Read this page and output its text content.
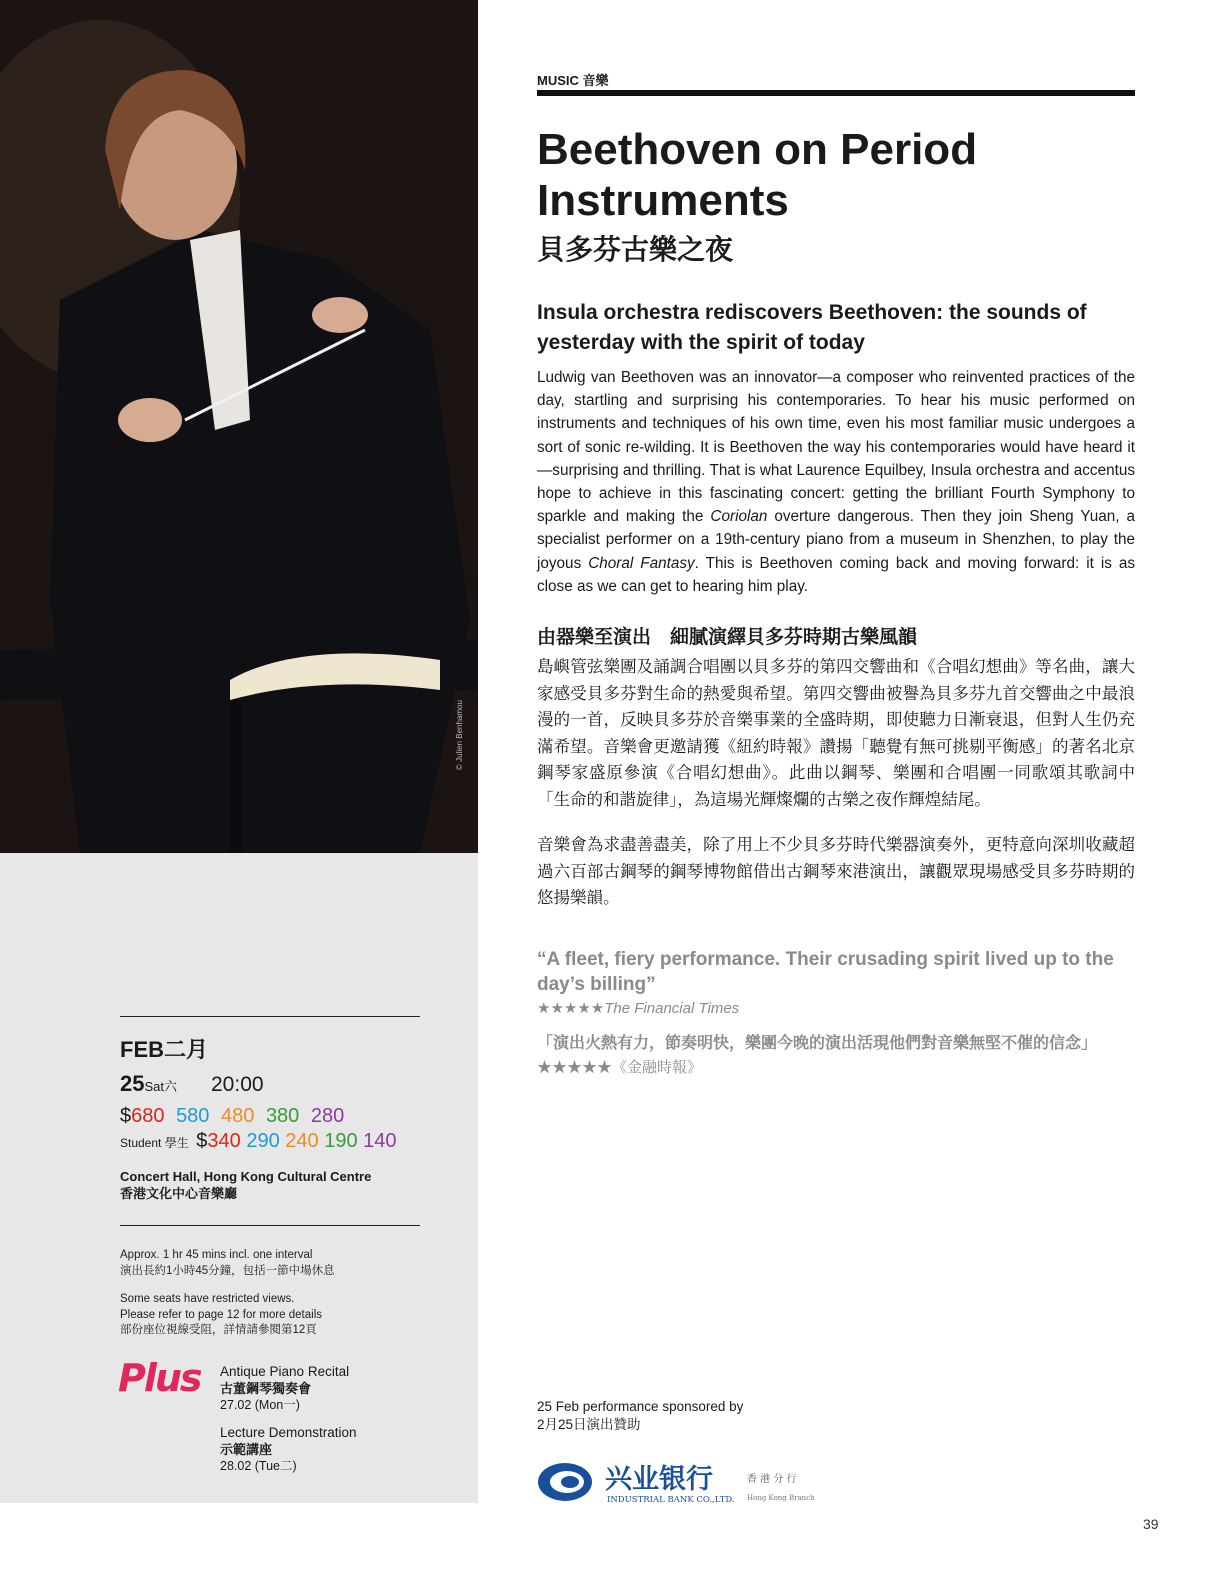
© Julien Benhamou
FEB二月
25Sat六 20:00
$680 580 480 380 280
Student 學生 $340 290 240 190 140
Concert Hall, Hong Kong Cultural Centre
香港文化中心音樂廳
Approx. 1 hr 45 mins incl. one interval
演出長約1小時45分鐘，包括一節中場休息
Some seats have restricted views.
Please refer to page 12 for more details
部份座位視線受阻，詳情請參閱第12頁
Plus Antique Piano Recital
古董鋼琴獨奏會
27.02 (Mon一)
Lecture Demonstration
示範講座
28.02 (Tue二)
MUSIC 音樂
Beethoven on Period
Instruments
貝多芬古樂之夜
Insula orchestra rediscovers Beethoven: the sounds of
yesterday with the spirit of today
Ludwig van Beethoven was an innovator—a composer who reinvented practices of the day, startling and surprising his contemporaries. To hear his music performed on instruments and techniques of his own time, even his most familiar music undergoes a sort of sonic re-wilding. It is Beethoven the way his contemporaries would have heard it—surprising and thrilling. That is what Laurence Equilbey, Insula orchestra and accentus hope to achieve in this fascinating concert: getting the brilliant Fourth Symphony to sparkle and making the Coriolan overture dangerous. Then they join Sheng Yuan, a specialist performer on a 19th-century piano from a museum in Shenzhen, to play the joyous Choral Fantasy. This is Beethoven coming back and moving forward: it is as close as we can get to hearing him play.
由器樂至演出　細膩演繹貝多芬時期古樂風韻
島嶼管弦樂團及誦調合唱團以貝多芬的第四交響曲和《合唱幻想曲》等名曲，讓大家感受貝多芬對生命的熱愛與希望。第四交響曲被譽為貝多芬九首交響曲之中最浪漫的一首，反映貝多芬於音樂事業的全盛時期，即使聽力日漸衰退，但對人生仍充滿希望。音樂會更邀請獲《紐約時報》讚揚「聽覺有無可挑剔平衡感」的著名北京鋼琴家盛原參演《合唱幻想曲》。此曲以鋼琴、樂團和合唱團一同歌頌其歌詞中「生命的和諧旋律」，為這場光輝燦爛的古樂之夜作輝煌結尾。
音樂會為求盡善盡美，除了用上不少貝多芬時代樂器演奏外，更特意向深圳收藏超過六百部古鋼琴的鋼琴博物館借出古鋼琴來港演出，讓觀眾現場感受貝多芬時期的悠揚樂韻。
“A fleet, fiery performance. Their crusading spirit lived up to the day’s billing”
★★★★★The Financial Times
「演出火熱有力，節奏明快，樂團今晚的演出活現他們對音樂無堅不催的信念」
★★★★★《金融時報》
25 Feb performance sponsored by
2月25日演出贊助
兴业银行
INDUSTRIAL BANK CO.,LTD.
香 港 分 行
Hong Kong Branch
39
